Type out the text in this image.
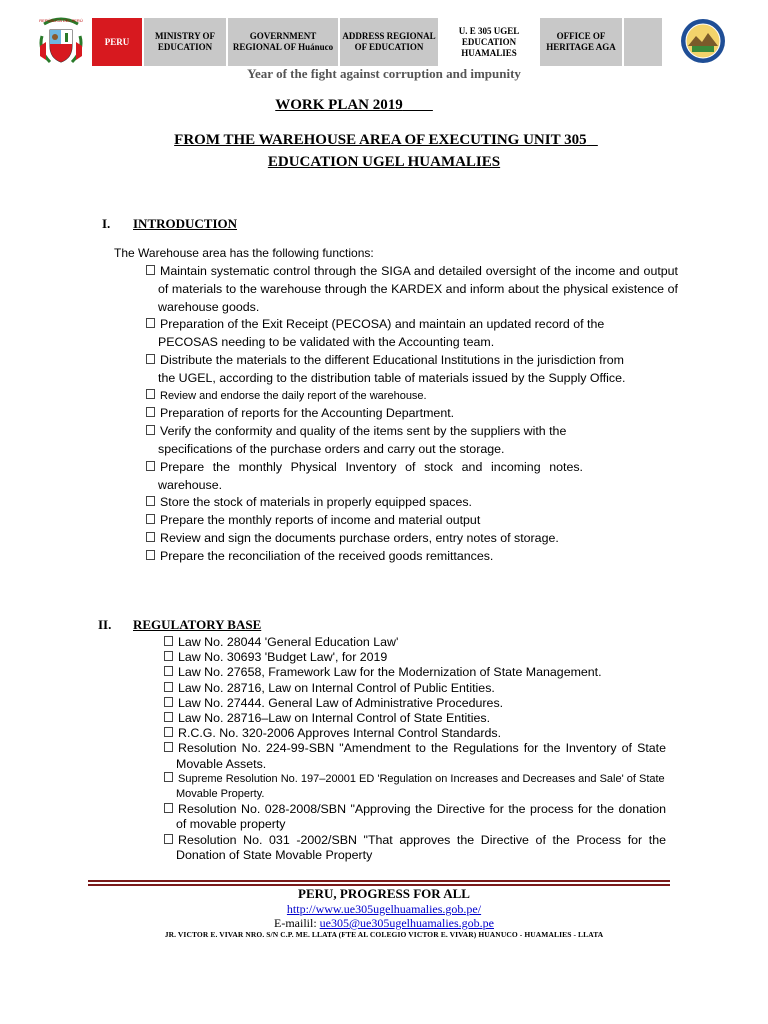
REPÚBLICA DEL PERÚ
PERU
MINISTRY OF EDUCATION
GOVERNMENT REGIONAL OF Huánuco
ADDRESS REGIONAL OF EDUCATION
U. E 305 UGEL EDUCATION HUAMALIES
OFFICE OF HERITAGE AGA
Year of the fight against corruption and impunity
WORK PLAN 2019
FROM THE WAREHOUSE AREA OF EXECUTING UNIT 305
EDUCATION UGEL HUAMALIES
I. INTRODUCTION
The Warehouse area has the following functions:
Maintain systematic control through the SIGA and detailed oversight of the income and output of materials to the warehouse through the KARDEX and inform about the physical existence of warehouse goods.
Preparation of the Exit Receipt (PECOSA) and maintain an updated record of the PECOSAS needing to be validated with the Accounting team.
Distribute the materials to the different Educational Institutions in the jurisdiction from the UGEL, according to the distribution table of materials issued by the Supply Office.
Review and endorse the daily report of the warehouse.
Preparation of reports for the Accounting Department.
Verify the conformity and quality of the items sent by the suppliers with the specifications of the purchase orders and carry out the storage.
Prepare the monthly Physical Inventory of stock and incoming notes. warehouse.
Store the stock of materials in properly equipped spaces.
Prepare the monthly reports of income and material output
Review and sign the documents purchase orders, entry notes of storage.
Prepare the reconciliation of the received goods remittances.
II. REGULATORY BASE
Law No. 28044 'General Education Law'
Law No. 30693 'Budget Law', for 2019
Law No. 27658, Framework Law for the Modernization of State Management.
Law No. 28716, Law on Internal Control of Public Entities.
Law No. 27444. General Law of Administrative Procedures.
Law No. 28716–Law on Internal Control of State Entities.
R.C.G. No. 320-2006 Approves Internal Control Standards.
Resolution No. 224-99-SBN "Amendment to the Regulations for the Inventory of State Movable Assets.
Supreme Resolution No. 197–20001 ED 'Regulation on Increases and Decreases and Sale' of State Movable Property.
Resolution No. 028-2008/SBN "Approving the Directive for the process for the donation of movable property
Resolution No. 031 -2002/SBN "That approves the Directive of the Process for the Donation of State Movable Property
PERU, PROGRESS FOR ALL
http://www.ue305ugelhuamalies.gob.pe/
E-mailil: ue305@ue305ugelhuamalies.gob.pe
JR. VICTOR E. VIVAR NRO. S/N C.P. ME. LLATA (FTE AL COLEGIO VICTOR E. VIVAR) HUANUCO - HUAMALIES - LLATA
